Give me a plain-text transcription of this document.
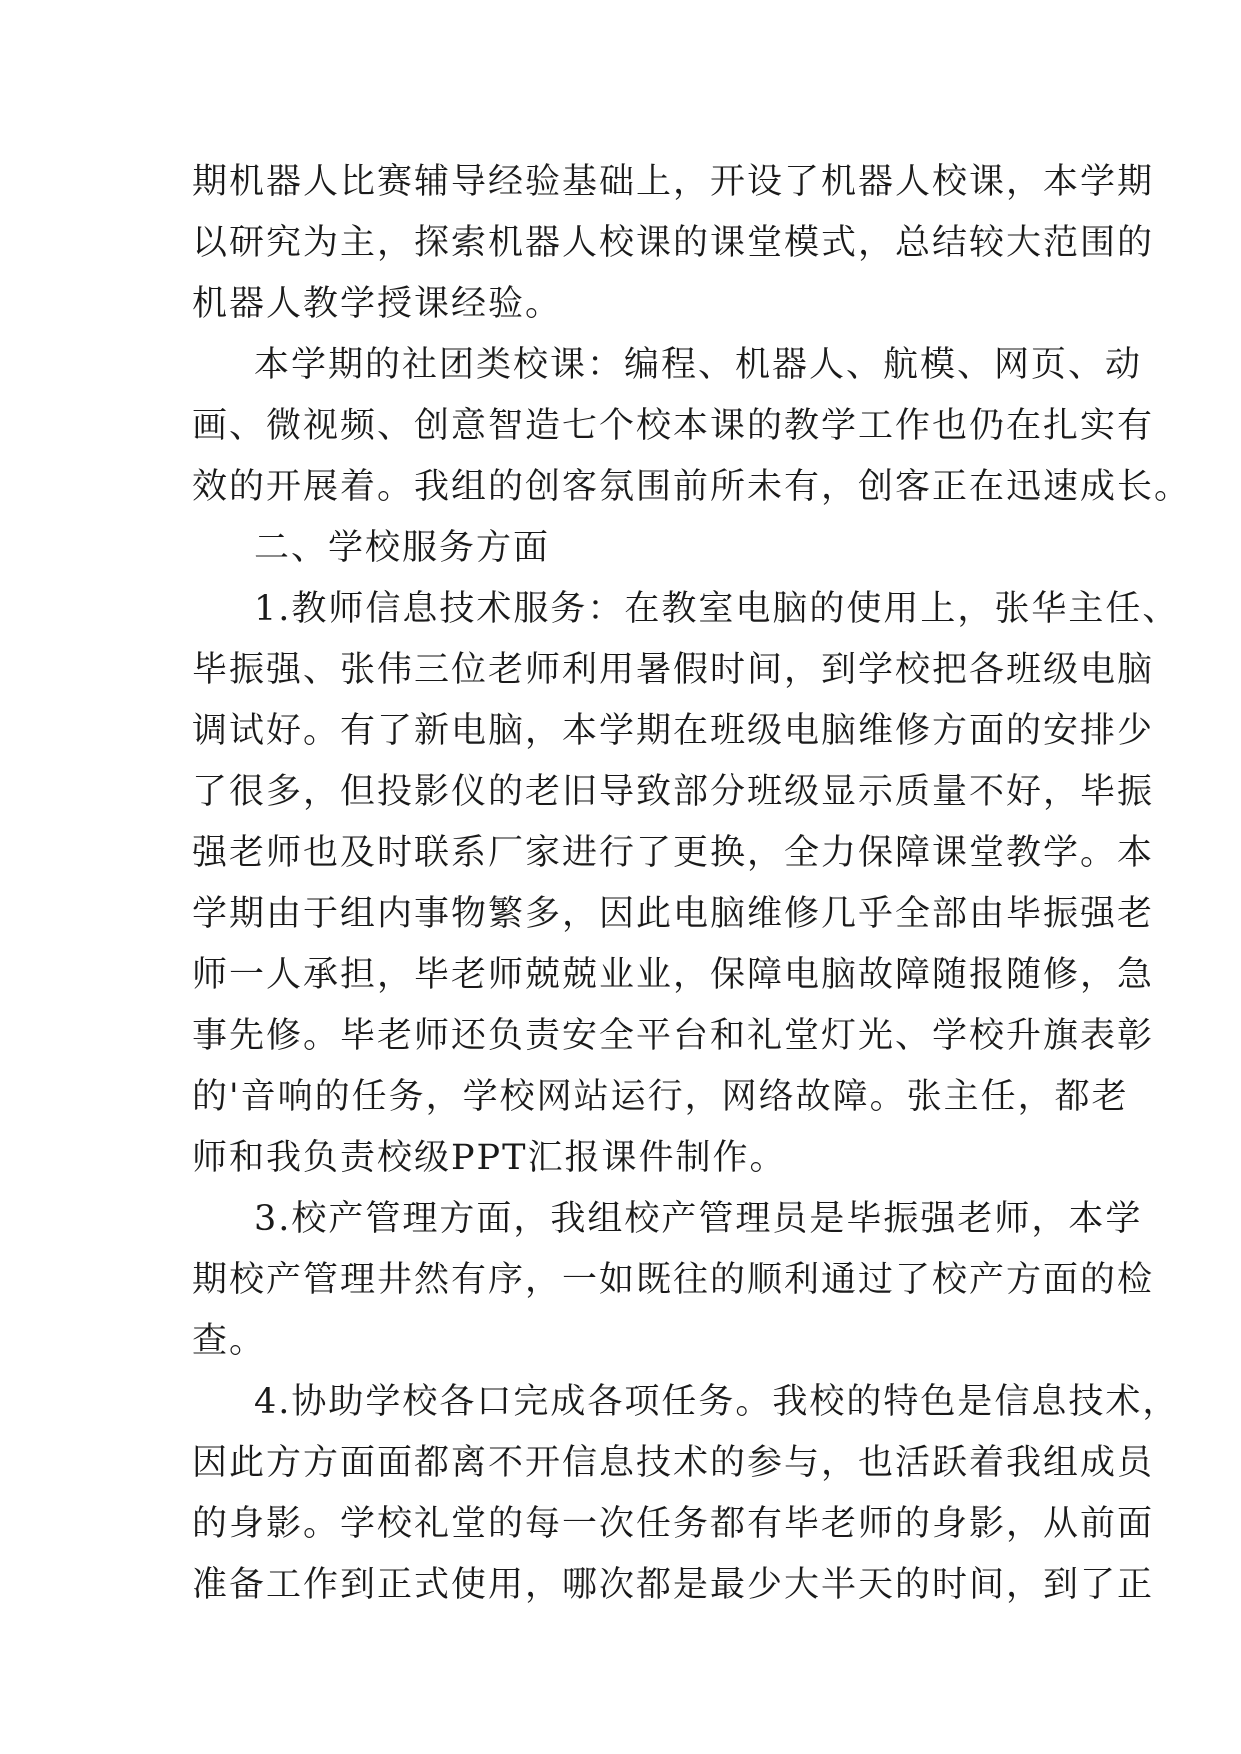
期机器人比赛辅导经验基础上，开设了机器人校课，本学期
以研究为主，探索机器人校课的课堂模式，总结较大范围的
机器人教学授课经验。
本学期的社团类校课：编程、机器人、航模、网页、动
画、微视频、创意智造七个校本课的教学工作也仍在扎实有
效的开展着。我组的创客氛围前所未有，创客正在迅速成长。
二、学校服务方面
1.教师信息技术服务：在教室电脑的使用上，张华主任、
毕振强、张伟三位老师利用暑假时间，到学校把各班级电脑
调试好。有了新电脑，本学期在班级电脑维修方面的安排少
了很多，但投影仪的老旧导致部分班级显示质量不好，毕振
强老师也及时联系厂家进行了更换，全力保障课堂教学。本
学期由于组内事物繁多，因此电脑维修几乎全部由毕振强老
师一人承担，毕老师兢兢业业，保障电脑故障随报随修，急
事先修。毕老师还负责安全平台和礼堂灯光、学校升旗表彰
的'音响的任务，学校网站运行，网络故障。张主任，都老
师和我负责校级PPT汇报课件制作。
3.校产管理方面，我组校产管理员是毕振强老师，本学
期校产管理井然有序，一如既往的顺利通过了校产方面的检
查。
4.协助学校各口完成各项任务。我校的特色是信息技术，
因此方方面面都离不开信息技术的参与，也活跃着我组成员
的身影。学校礼堂的每一次任务都有毕老师的身影，从前面
准备工作到正式使用，哪次都是最少大半天的时间，到了正
